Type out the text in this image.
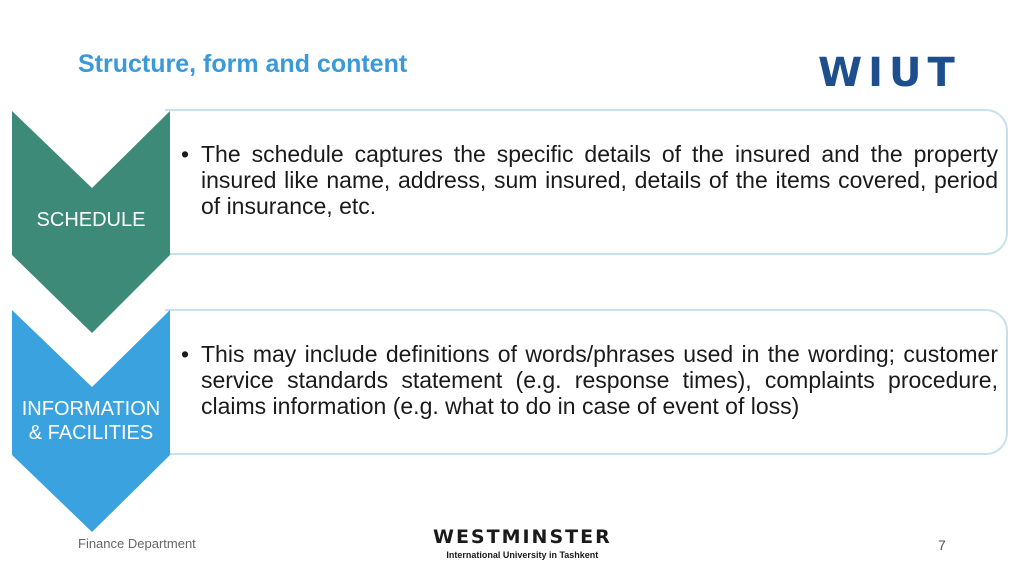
Structure, form and content	WIUT
• The schedule captures the specific details of the insured and the property insured like name, address, sum insured, details of the items covered, period of insurance, etc.
• This may include definitions of words/phrases used in the wording; customer service standards statement (e.g. response times), complaints procedure, claims information (e.g. what to do in case of event of loss)
SCHEDULE
INFORMATION
& FACILITIES
Finance Department	WESTMINSTER
International University in Tashkent
7
